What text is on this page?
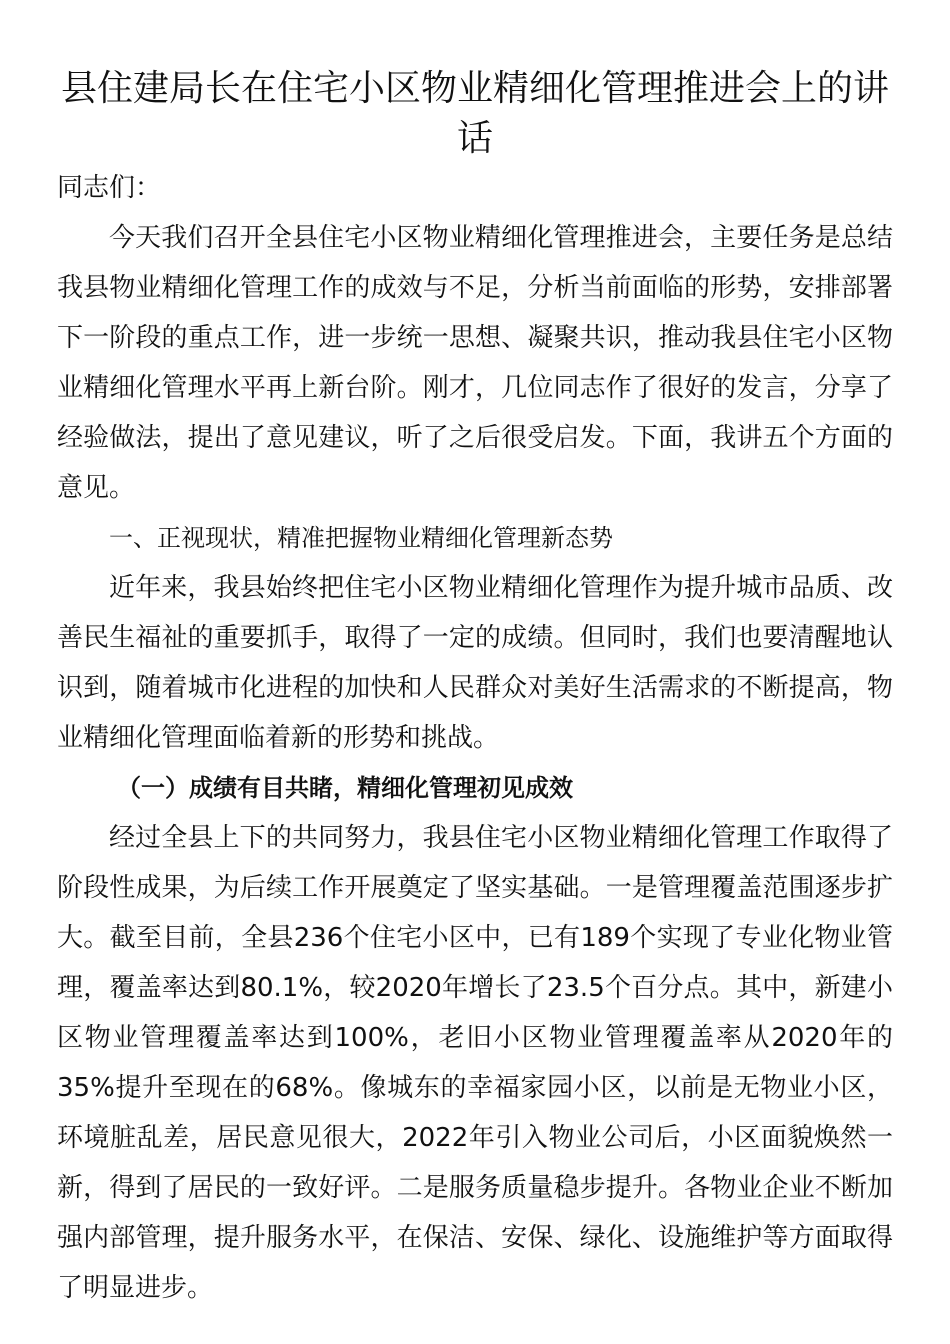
县住建局长在住宅小区物业精细化管理推进会上的讲话

同志们：

今天我们召开全县住宅小区物业精细化管理推进会，主要任务是总结我县物业精细化管理工作的成效与不足，分析当前面临的形势，安排部署下一阶段的重点工作，进一步统一思想、凝聚共识，推动我县住宅小区物业精细化管理水平再上新台阶。刚才，几位同志作了很好的发言，分享了经验做法，提出了意见建议，听了之后很受启发。下面，我讲五个方面的意见。

一、正视现状，精准把握物业精细化管理新态势

近年来，我县始终把住宅小区物业精细化管理作为提升城市品质、改善民生福祉的重要抓手，取得了一定的成绩。但同时，我们也要清醒地认识到，随着城市化进程的加快和人民群众对美好生活需求的不断提高，物业精细化管理面临着新的形势和挑战。

（一）成绩有目共睹，精细化管理初见成效

经过全县上下的共同努力，我县住宅小区物业精细化管理工作取得了阶段性成果，为后续工作开展奠定了坚实基础。一是管理覆盖范围逐步扩大。截至目前，全县236个住宅小区中，已有189个实现了专业化物业管理，覆盖率达到80.1%，较2020年增长了23.5个百分点。其中，新建小区物业管理覆盖率达到100%，老旧小区物业管理覆盖率从2020年的35%提升至现在的68%。像城东的幸福家园小区，以前是无物业小区，环境脏乱差，居民意见很大，2022年引入物业公司后，小区面貌焕然一新，得到了居民的一致好评。二是服务质量稳步提升。各物业企业不断加强内部管理，提升服务水平，在保洁、安保、绿化、设施维护等方面取得了明显进步。
